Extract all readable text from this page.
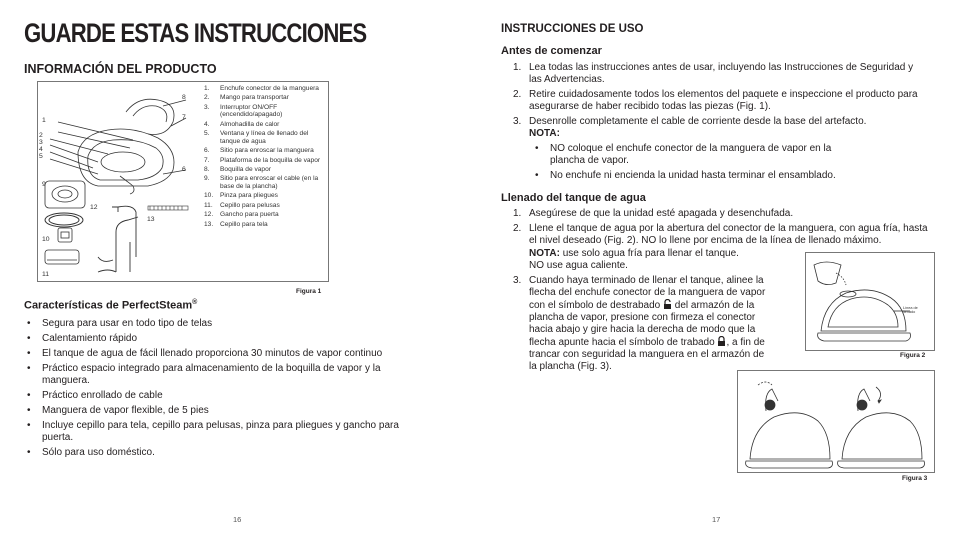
GUARDE ESTAS INSTRUCCIONES
INFORMACIÓN DEL PRODUCTO
8
1	7
2
3
4
5
6
9
12
13
10
11
1. Enchufe conector de la manguera
2. Mango para transportar
3. Interruptor ON/OFF (encendido/apagado)
4. Almohadilla de calor
5. Ventana y línea de llenado del tanque de agua
6. Sitio para enroscar la manguera
7. Plataforma de la boquilla de vapor
8. Boquilla de vapor
9. Sitio para enroscar el cable (en la base de la plancha)
10. Pinza para pliegues
11. Cepillo para pelusas
12. Gancho para puerta
13. Cepillo para tela
Figura 1
Características de PerfectSteam®
• Segura para usar en todo tipo de telas
• Calentamiento rápido
• El tanque de agua de fácil llenado proporciona 30 minutos de vapor continuo
• Práctico espacio integrado para almacenamiento de la boquilla de vapor y la manguera.
• Práctico enrollado de cable
• Manguera de vapor flexible, de 5 pies
• Incluye cepillo para tela, cepillo para pelusas, pinza para pliegues y gancho para puerta.
• Sólo para uso doméstico.
16
INSTRUCCIONES DE USO
Antes de comenzar
1. Lea todas las instrucciones antes de usar, incluyendo las Instrucciones de Seguridad y las Advertencias.
2. Retire cuidadosamente todos los elementos del paquete e inspeccione el producto para asegurarse de haber recibido todas las piezas (Fig. 1).
3. Desenrolle completamente el cable de corriente desde la base del artefacto.
NOTA:
• NO coloque el enchufe conector de la manguera de vapor en la plancha de vapor.
• No enchufe ni encienda la unidad hasta terminar el ensamblado.
Llenado del tanque de agua
1. Asegúrese de que la unidad esté apagada y desenchufada.
2. Llene el tanque de agua por la abertura del conector de la manguera, con agua fría, hasta el nivel deseado (Fig. 2). NO lo llene por encima de la línea de llenado máximo.
NOTA: use solo agua fría para llenar el tanque.
NO use agua caliente.
3. Cuando haya terminado de llenar el tanque, alinee la flecha del enchufe conector de la manguera de vapor con el símbolo de destrabado  del armazón de la plancha de vapor, presione con firmeza el conector hacia abajo y gire hacia la derecha de modo que la flecha apunte hacia el símbolo de trabado , a fin de trancar con seguridad la manguera en el armazón de la plancha (Fig. 3).
Línea de llenado
Figura 2
Figura 3
17
